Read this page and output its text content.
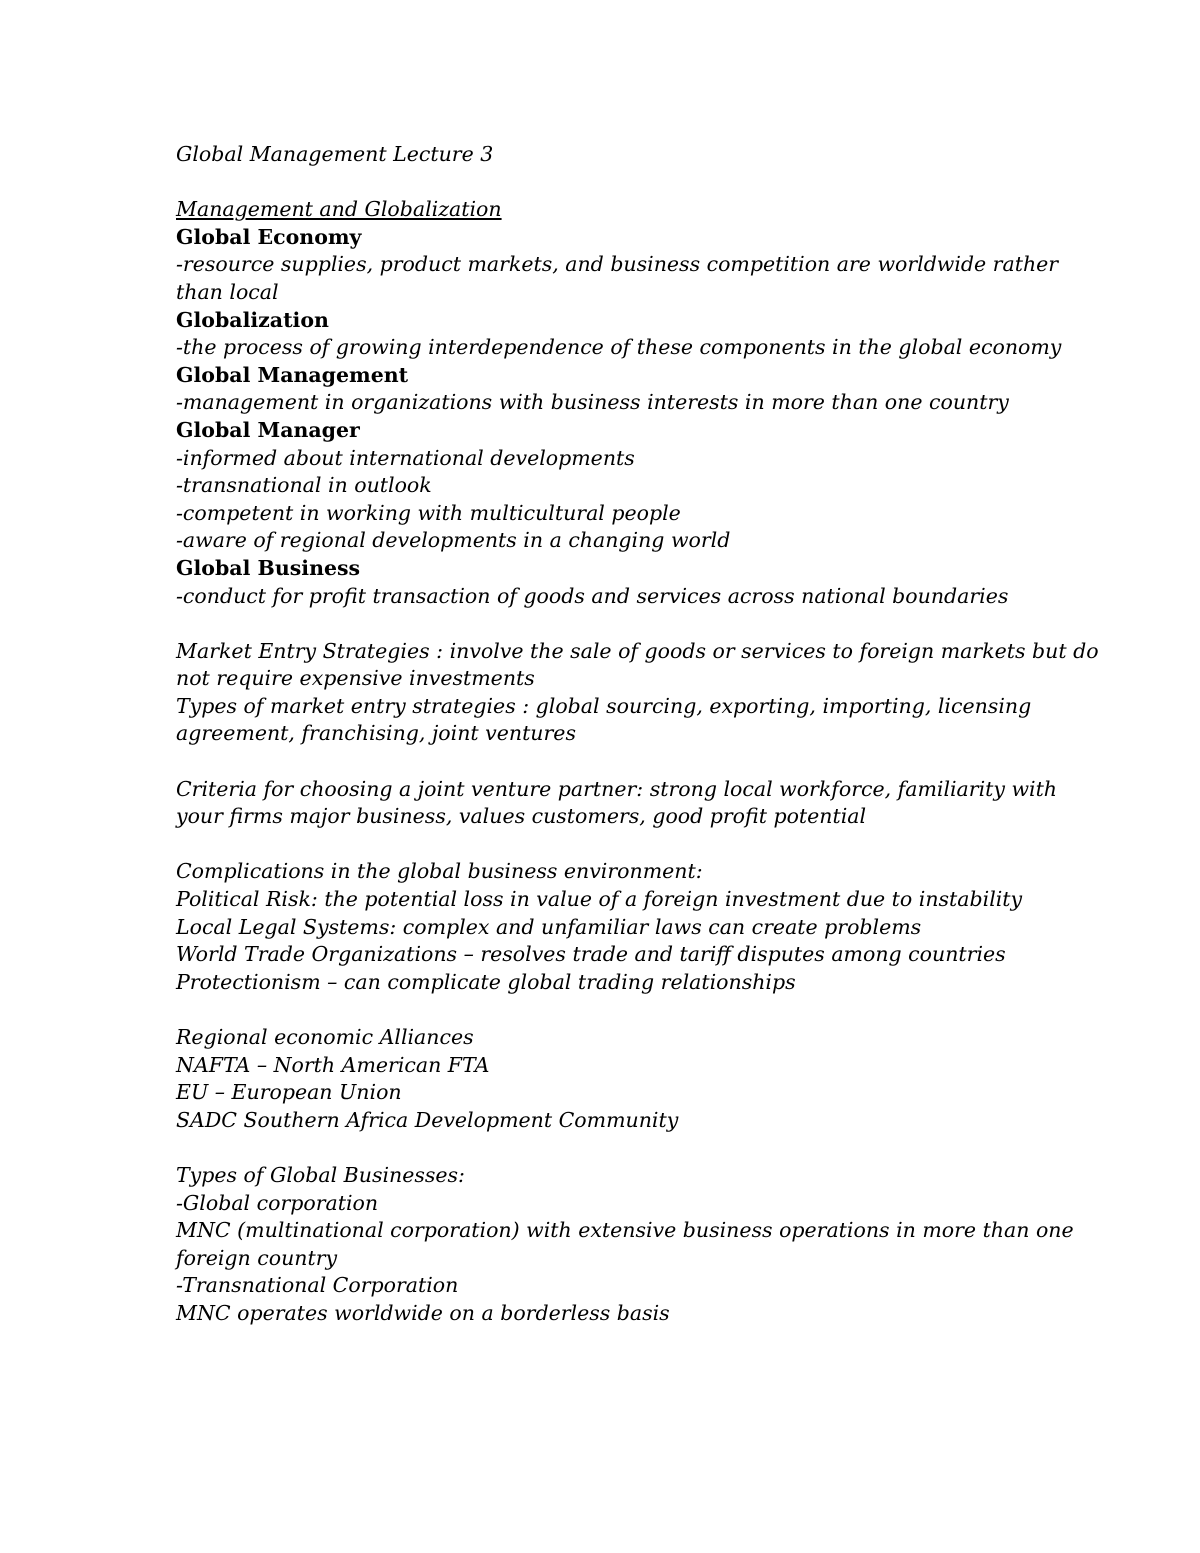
Global Management Lecture 3
Management and Globalization
Global Economy
-resource supplies, product markets, and business competition are worldwide rather
than local
Globalization
-the process of growing interdependence of these components in the global economy
Global Management
-management in organizations with business interests in more than one country
Global Manager
-informed about international developments
-transnational in outlook
-competent in working with multicultural people
-aware of regional developments in a changing world
Global Business
-conduct for profit transaction of goods and services across national boundaries
Market Entry Strategies : involve the sale of goods or services to foreign markets but do
not require expensive investments
Types of market entry strategies : global sourcing, exporting, importing, licensing
agreement, franchising, joint ventures
Criteria for choosing a joint venture partner: strong local workforce, familiarity with
your firms major business, values customers, good profit potential
Complications in the global business environment:
Political Risk: the potential loss in value of a foreign investment due to instability
Local Legal Systems: complex and unfamiliar laws can create problems
World Trade Organizations – resolves trade and tariff disputes among countries
Protectionism – can complicate global trading relationships
Regional economic Alliances
NAFTA – North American FTA
EU – European Union
SADC Southern Africa Development Community
Types of Global Businesses:
-Global corporation
MNC (multinational corporation) with extensive business operations in more than one
foreign country
-Transnational Corporation
MNC operates worldwide on a borderless basis
